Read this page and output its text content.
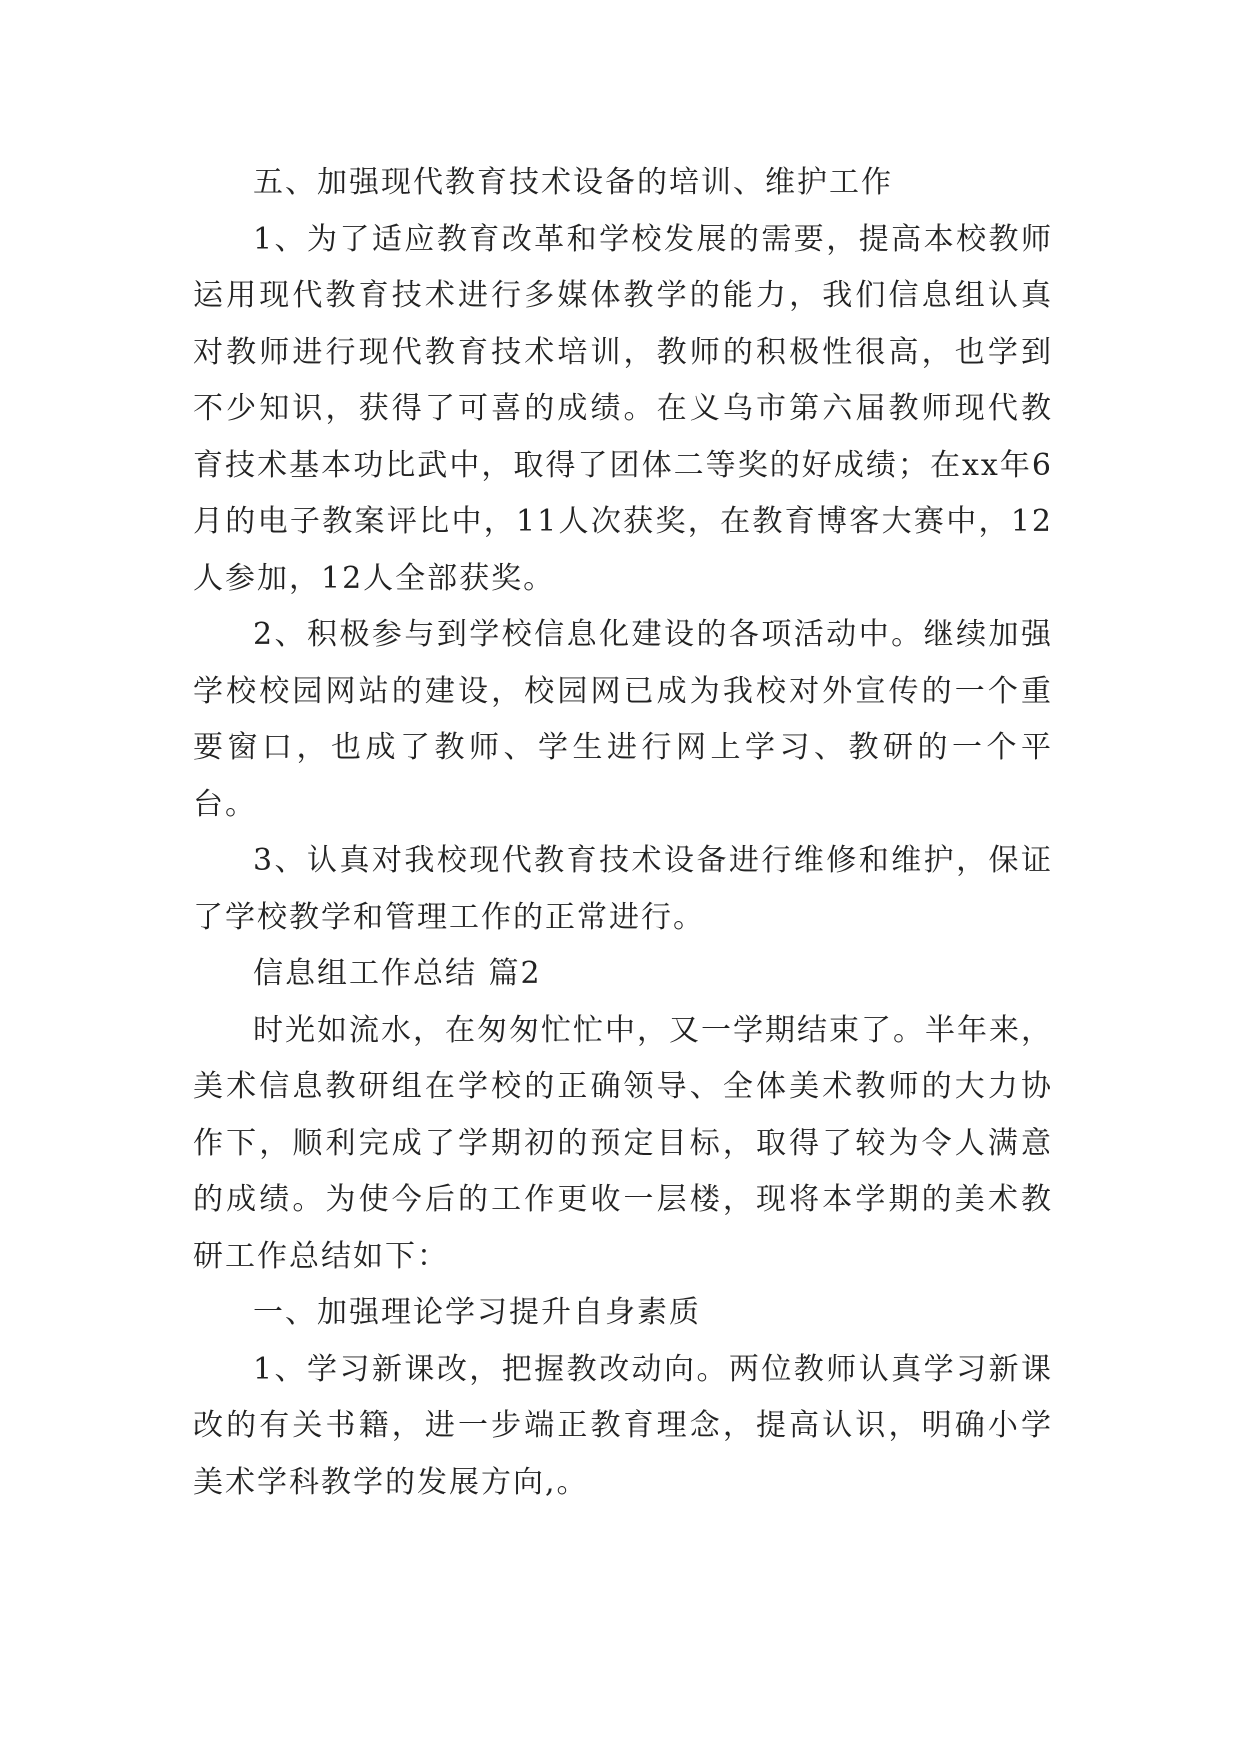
五、加强现代教育技术设备的培训、维护工作

1、为了适应教育改革和学校发展的需要，提高本校教师运用现代教育技术进行多媒体教学的能力，我们信息组认真对教师进行现代教育技术培训，教师的积极性很高，也学到不少知识，获得了可喜的成绩。在义乌市第六届教师现代教育技术基本功比武中，取得了团体二等奖的好成绩；在xx年6月的电子教案评比中，11人次获奖，在教育博客大赛中，12人参加，12人全部获奖。

2、积极参与到学校信息化建设的各项活动中。继续加强学校校园网站的建设，校园网已成为我校对外宣传的一个重要窗口，也成了教师、学生进行网上学习、教研的一个平台。

3、认真对我校现代教育技术设备进行维修和维护，保证了学校教学和管理工作的正常进行。

信息组工作总结 篇2

时光如流水，在匆匆忙忙中，又一学期结束了。半年来，美术信息教研组在学校的正确领导、全体美术教师的大力协作下，顺利完成了学期初的预定目标，取得了较为令人满意的成绩。为使今后的工作更收一层楼，现将本学期的美术教研工作总结如下：

一、加强理论学习提升自身素质

1、学习新课改，把握教改动向。两位教师认真学习新课改的有关书籍，进一步端正教育理念，提高认识，明确小学美术学科教学的发展方向,。
